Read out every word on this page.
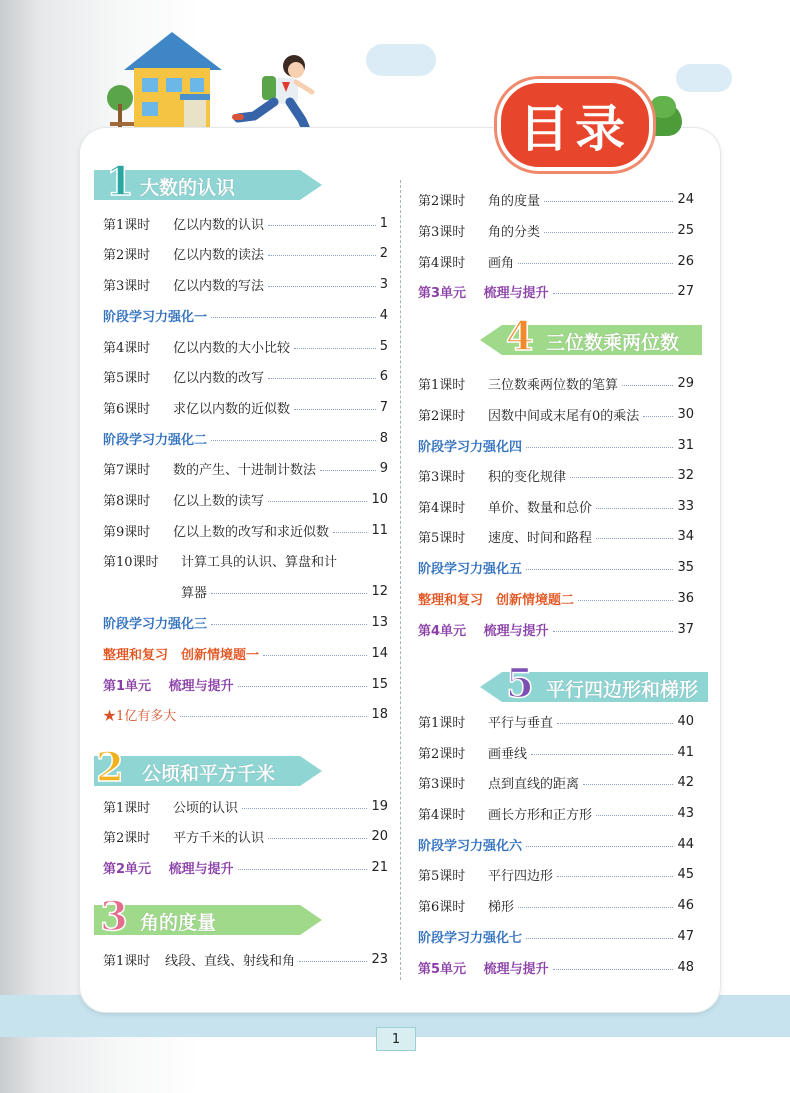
目录
1 大数的认识
2 公顷和平方千米
3 角的度量
4 三位数乘两位数
5 平行四边形和梯形
第1课时	亿以内数的认识	1
第2课时	亿以内数的读法	2
第3课时	亿以内数的写法	3
阶段学习力强化一	4
第4课时	亿以内数的大小比较	5
第5课时	亿以内数的改写	6
第6课时	求亿以内数的近似数	7
阶段学习力强化二	8
第7课时	数的产生、十进制计数法	9
第8课时	亿以上数的读写	10
第9课时	亿以上数的改写和求近似数	11
第10课时	计算工具的认识、算盘和计
算器	12
阶段学习力强化三	13
整理和复习　创新情境题一	14
第1单元　 梳理与提升	15
★1亿有多大	18
第1课时	公顷的认识	19
第2课时	平方千米的认识	20
第2单元　 梳理与提升	21
第1课时	线段、直线、射线和角	23
第2课时	角的度量	24
第3课时	角的分类	25
第4课时	画角	26
第3单元　 梳理与提升	27
第1课时	三位数乘两位数的笔算	29
第2课时	因数中间或末尾有0的乘法	30
阶段学习力强化四	31
第3课时	积的变化规律	32
第4课时	单价、数量和总价	33
第5课时	速度、时间和路程	34
阶段学习力强化五	35
整理和复习　创新情境题二	36
第4单元　 梳理与提升	37
第1课时	平行与垂直	40
第2课时	画垂线	41
第3课时	点到直线的距离	42
第4课时	画长方形和正方形	43
阶段学习力强化六	44
第5课时	平行四边形	45
第6课时	梯形	46
阶段学习力强化七	47
第5单元　 梳理与提升	48
1
